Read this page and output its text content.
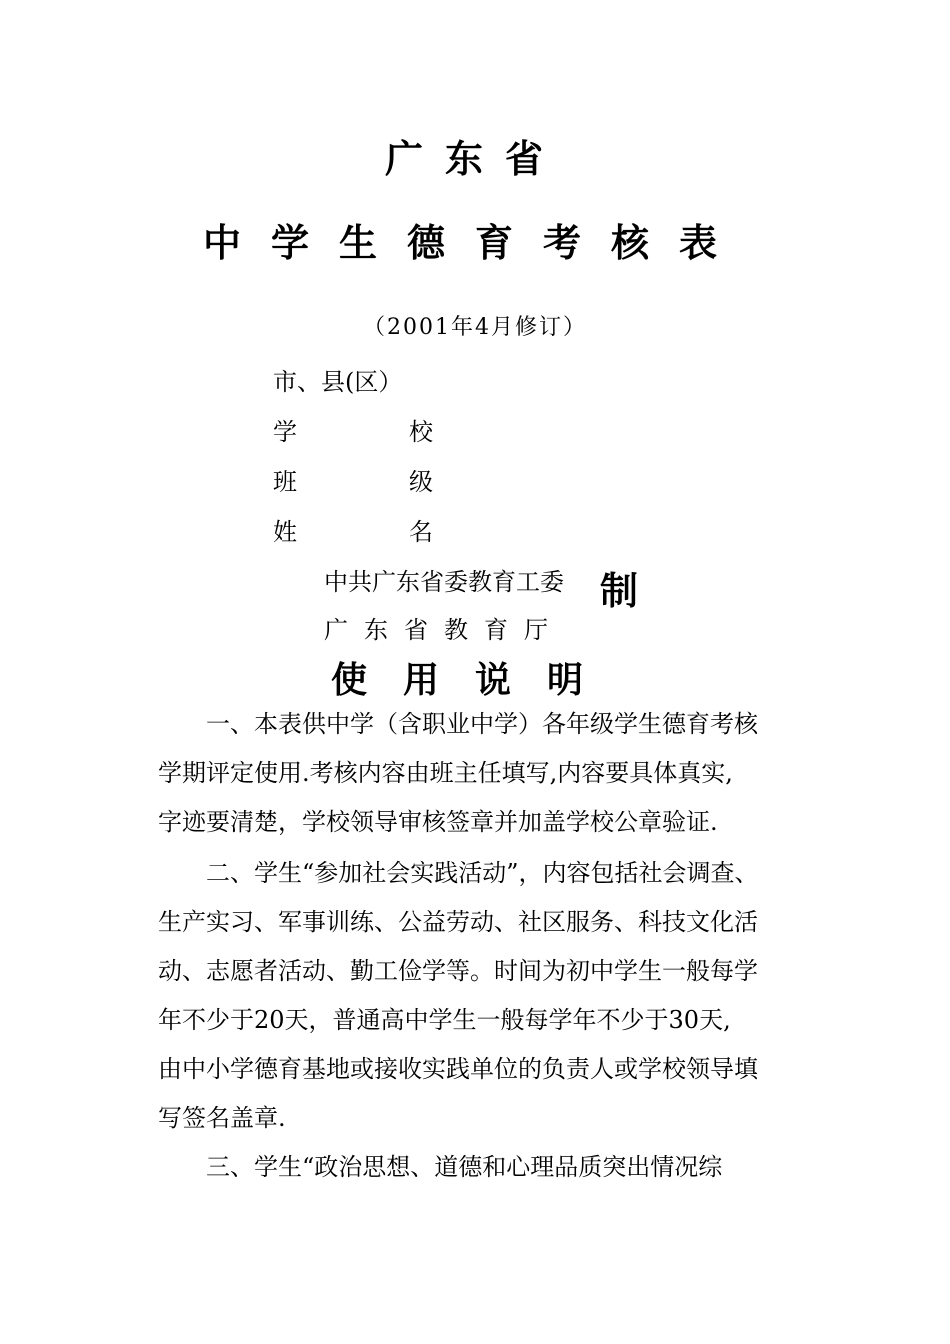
广东省
中学生德育考核表
（2001年4月修订）
市、县(区）
学	校
班	级
姓	名
中共广东省委教育工委
广东省教育厅
制
使用说明
一、本表供中学（含职业中学）各年级学生德育考核
学期评定使用.考核内容由班主任填写,内容要具体真实,
字迹要清楚，学校领导审核签章并加盖学校公章验证.
二、学生“参加社会实践活动”，内容包括社会调查、
生产实习、军事训练、公益劳动、社区服务、科技文化活
动、志愿者活动、勤工俭学等。时间为初中学生一般每学
年不少于20天，普通高中学生一般每学年不少于30天,
由中小学德育基地或接收实践单位的负责人或学校领导填
写签名盖章.
三、学生“政治思想、道德和心理品质突出情况综
